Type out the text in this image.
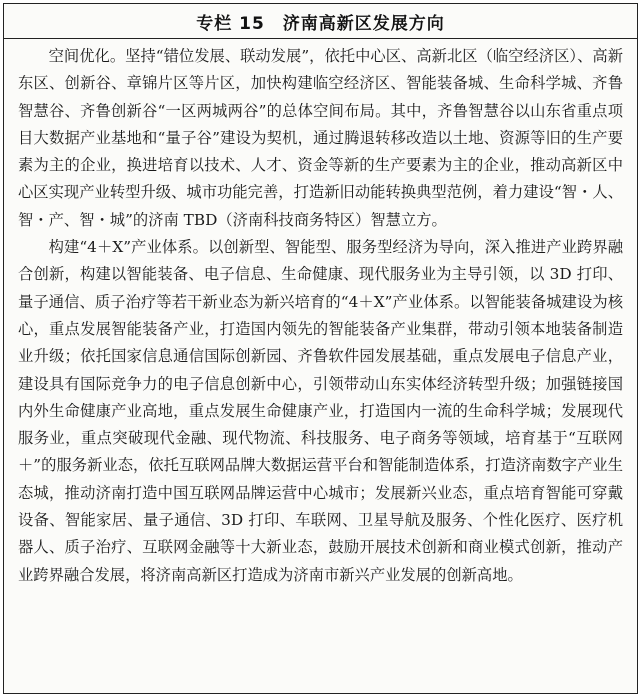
专栏 15 济南高新区发展方向

空间优化。坚持“错位发展、联动发展”，依托中心区、高新北区（临空经济区）、高新东区、创新谷、章锦片区等片区，加快构建临空经济区、智能装备城、生命科学城、齐鲁智慧谷、齐鲁创新谷“一区两城两谷”的总体空间布局。其中，齐鲁智慧谷以山东省重点项目大数据产业基地和“量子谷”建设为契机，通过腾退转移改造以土地、资源等旧的生产要素为主的企业，换进培育以技术、人才、资金等新的生产要素为主的企业，推动高新区中心区实现产业转型升级、城市功能完善，打造新旧动能转换典型范例，着力建设“智・人、智・产、智・城”的济南 TBD（济南科技商务特区）智慧立方。

构建“4＋X”产业体系。以创新型、智能型、服务型经济为导向，深入推进产业跨界融合创新，构建以智能装备、电子信息、生命健康、现代服务业为主导引领，以 3D 打印、量子通信、质子治疗等若干新业态为新兴培育的“4＋X”产业体系。以智能装备城建设为核心，重点发展智能装备产业，打造国内领先的智能装备产业集群，带动引领本地装备制造业升级；依托国家信息通信国际创新园、齐鲁软件园发展基础，重点发展电子信息产业，建设具有国际竞争力的电子信息创新中心，引领带动山东实体经济转型升级；加强链接国内外生命健康产业高地，重点发展生命健康产业，打造国内一流的生命科学城；发展现代服务业，重点突破现代金融、现代物流、科技服务、电子商务等领域，培育基于“互联网＋”的服务新业态，依托互联网品牌大数据运营平台和智能制造体系，打造济南数字产业生态城，推动济南打造中国互联网品牌运营中心城市；发展新兴业态，重点培育智能可穿戴设备、智能家居、量子通信、3D 打印、车联网、卫星导航及服务、个性化医疗、医疗机器人、质子治疗、互联网金融等十大新业态，鼓励开展技术创新和商业模式创新，推动产业跨界融合发展，将济南高新区打造成为济南市新兴产业发展的创新高地。
